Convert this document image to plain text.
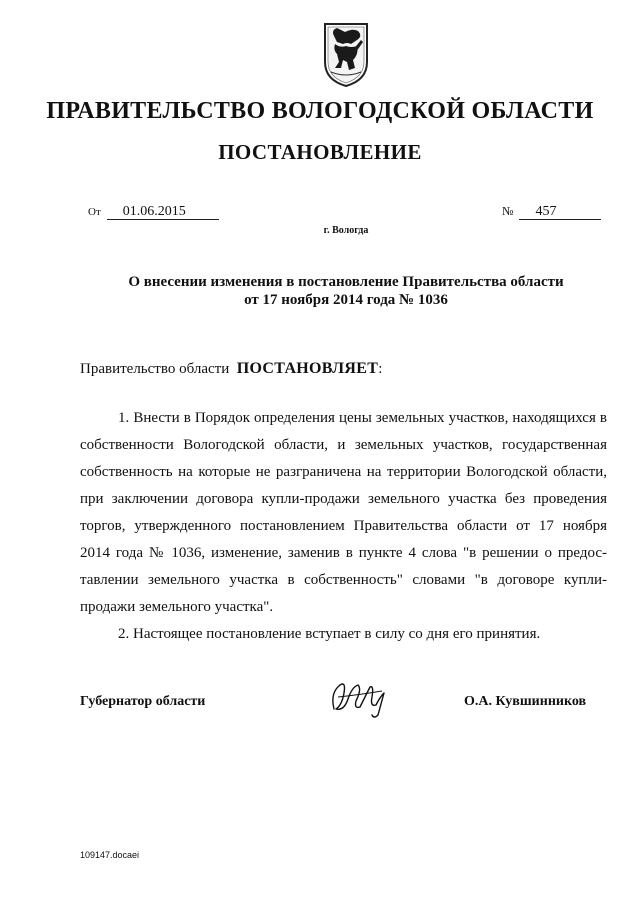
ПРАВИТЕЛЬСТВО ВОЛОГОДСКОЙ ОБЛАСТИ
ПОСТАНОВЛЕНИЕ
От 01.06.2015	№ 457
г. Вологда
О внесении изменения в постановление Правительства области
от 17 ноября 2014 года № 1036
Правительство области ПОСТАНОВЛЯЕТ:
1. Внести в Порядок определения цены земельных участков, находящихся в
собственности Вологодской области, и земельных участков, государственная
собственность на которые не разграничена на территории Вологодской области,
при заключении договора купли-продажи земельного участка без проведения
торгов, утвержденного постановлением Правительства области от 17 ноября
2014 года № 1036, изменение, заменив в пункте 4 слова "в решении о предос-
тавлении земельного участка в собственность" словами "в договоре купли-
продажи земельного участка".
2. Настоящее постановление вступает в силу со дня его принятия.
Губернатор области	О.А. Кувшинников
109147.docaei
